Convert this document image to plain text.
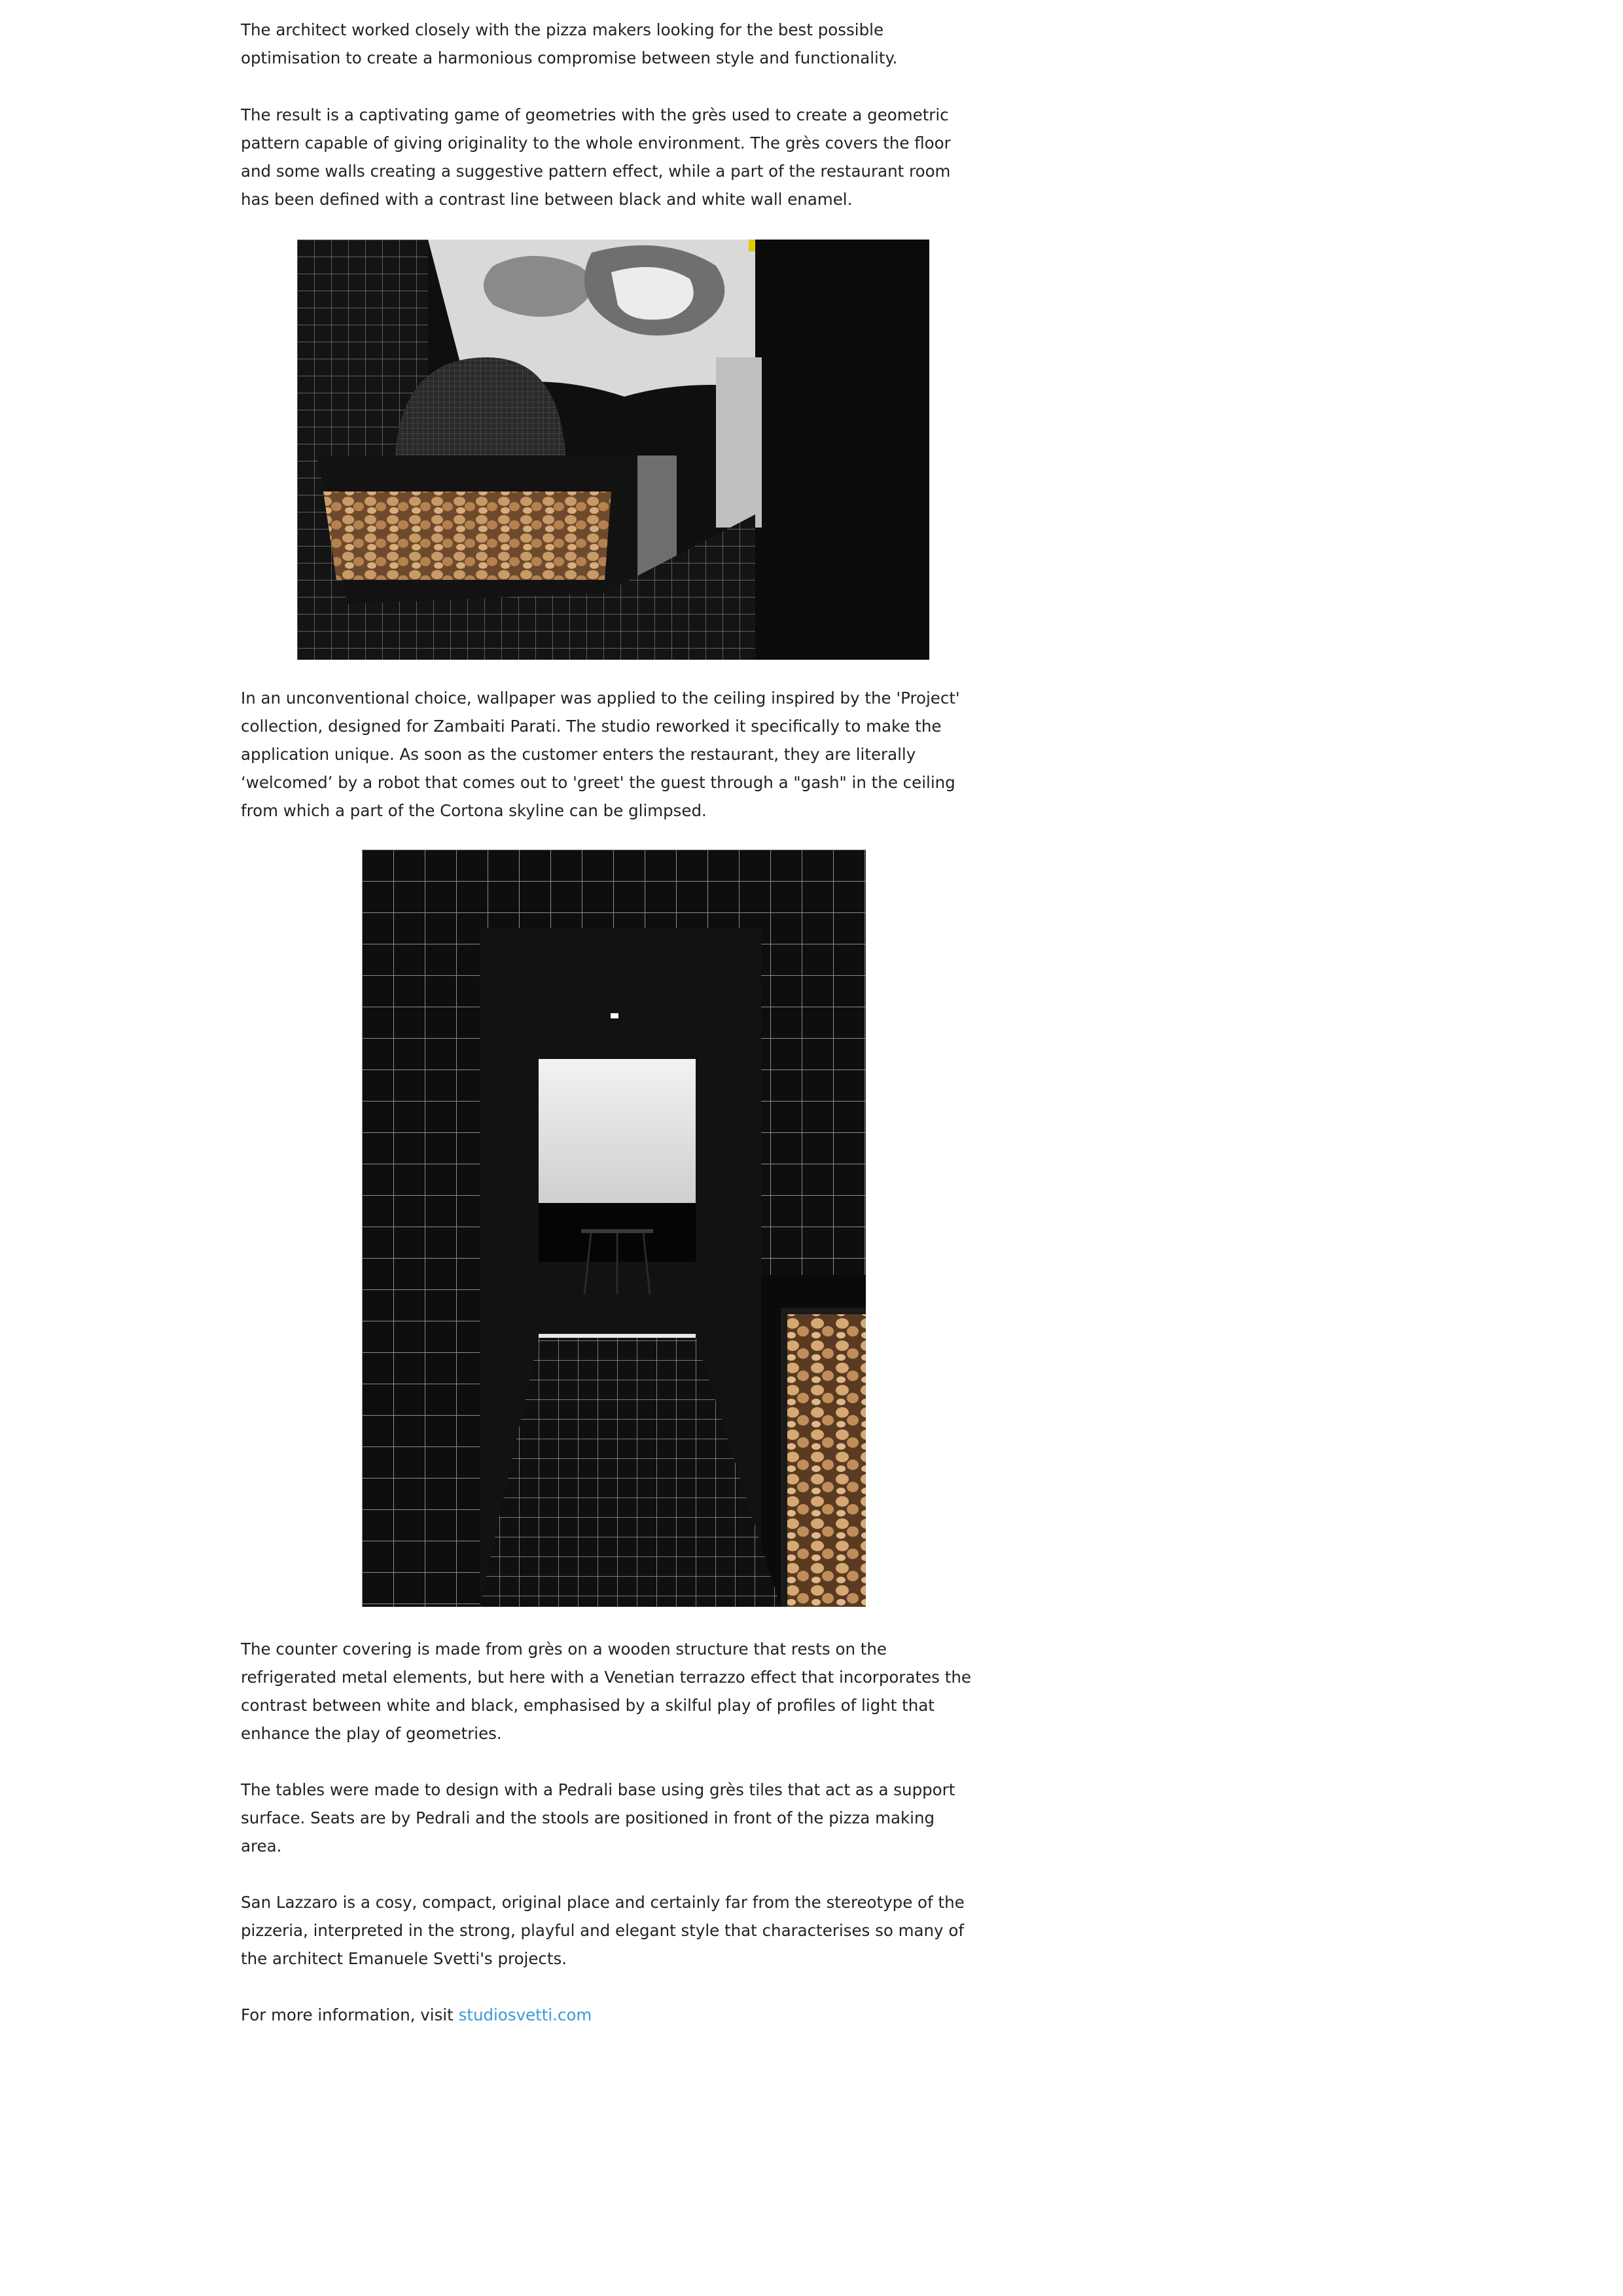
The architect worked closely with the pizza makers looking for the best possible optimisation to create a harmonious compromise between style and functionality.

The result is a captivating game of geometries with the grès used to create a geometric pattern capable of giving originality to the whole environment. The grès covers the floor and some walls creating a suggestive pattern effect, while a part of the restaurant room has been defined with a contrast line between black and white wall enamel.

In an unconventional choice, wallpaper was applied to the ceiling inspired by the 'Project' collection, designed for Zambaiti Parati. The studio reworked it specifically to make the application unique. As soon as the customer enters the restaurant, they are literally ‘welcomed’ by a robot that comes out to 'greet' the guest through a "gash" in the ceiling from which a part of the Cortona skyline can be glimpsed.

The counter covering is made from grès on a wooden structure that rests on the refrigerated metal elements, but here with a Venetian terrazzo effect that incorporates the contrast between white and black, emphasised by a skilful play of profiles of light that enhance the play of geometries.

The tables were made to design with a Pedrali base using grès tiles that act as a support surface. Seats are by Pedrali and the stools are positioned in front of the pizza making area.

San Lazzaro is a cosy, compact, original place and certainly far from the stereotype of the pizzeria, interpreted in the strong, playful and elegant style that characterises so many of the architect Emanuele Svetti's projects.

For more information, visit studiosvetti.com
